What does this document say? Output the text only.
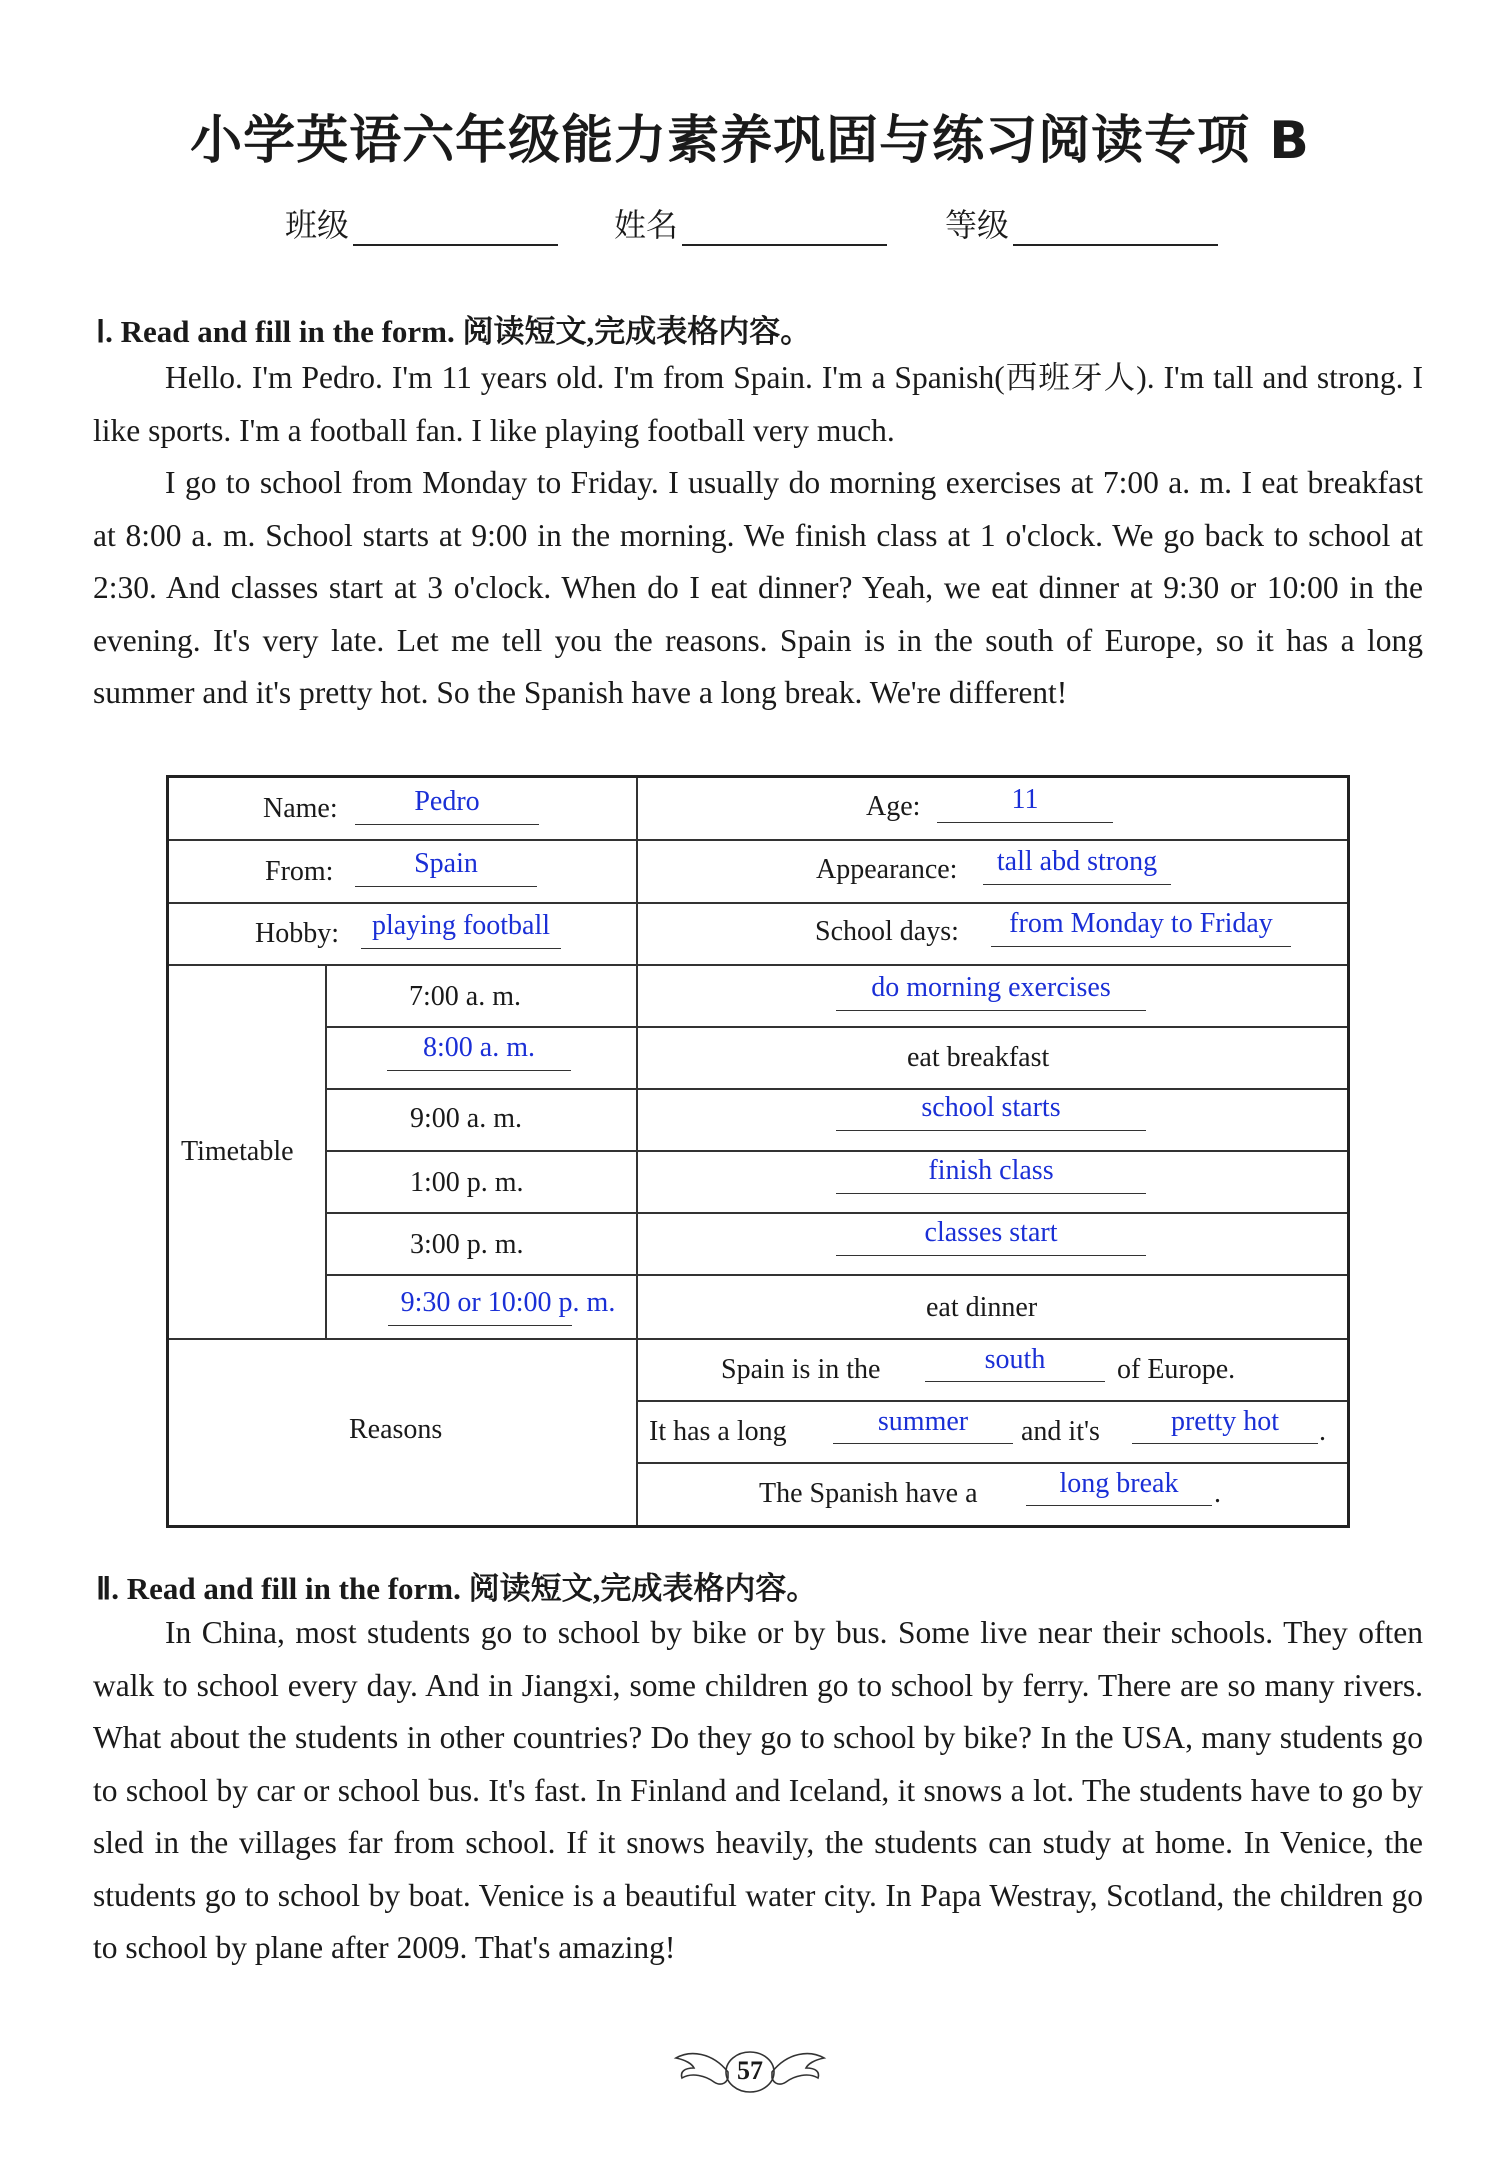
小学英语六年级能力素养巩固与练习阅读专项 B
班级	姓名	等级
Ⅰ. Read and fill in the form. 阅读短文,完成表格内容。

Hello. I'm Pedro. I'm 11 years old. I'm from Spain. I'm a Spanish(西班牙人). I'm tall and strong. I like sports. I'm a football fan. I like playing football very much.

I go to school from Monday to Friday. I usually do morning exercises at 7:00 a. m. I eat breakfast at 8:00 a. m. School starts at 9:00 in the morning. We finish class at 1 o'clock. We go back to school at 2:30. And classes start at 3 o'clock. When do I eat dinner? Yeah, we eat dinner at 9:30 or 10:00 in the evening. It's very late. Let me tell you the reasons. Spain is in the south of Europe, so it has a long summer and it's pretty hot. So the Spanish have a long break. We're different!

Name:	Pedro	Age:	11
From:	Spain	Appearance:	tall abd strong
Hobby:	playing football	School days:	from Monday to Friday
Timetable
7:00 a. m.	do morning exercises
8:00 a. m.	eat breakfast
9:00 a. m.	school starts
1:00 p. m.	finish class
3:00 p. m.	classes start
9:30 or 10:00 p. m.	eat dinner
Reasons
Spain is in the	south	of Europe.
It has a long	summer	and it's	pretty hot	.
The Spanish have a	long break	.
Ⅱ. Read and fill in the form. 阅读短文,完成表格内容。

In China, most students go to school by bike or by bus. Some live near their schools. They often walk to school every day. And in Jiangxi, some children go to school by ferry. There are so many rivers. What about the students in other countries? Do they go to school by bike? In the USA, many students go to school by car or school bus. It's fast. In Finland and Iceland, it snows a lot. The students have to go by sled in the villages far from school. If it snows heavily, the students can study at home. In Venice, the students go to school by boat. Venice is a beautiful water city. In Papa Westray, Scotland, the children go to school by plane after 2009. That's amazing!

57
